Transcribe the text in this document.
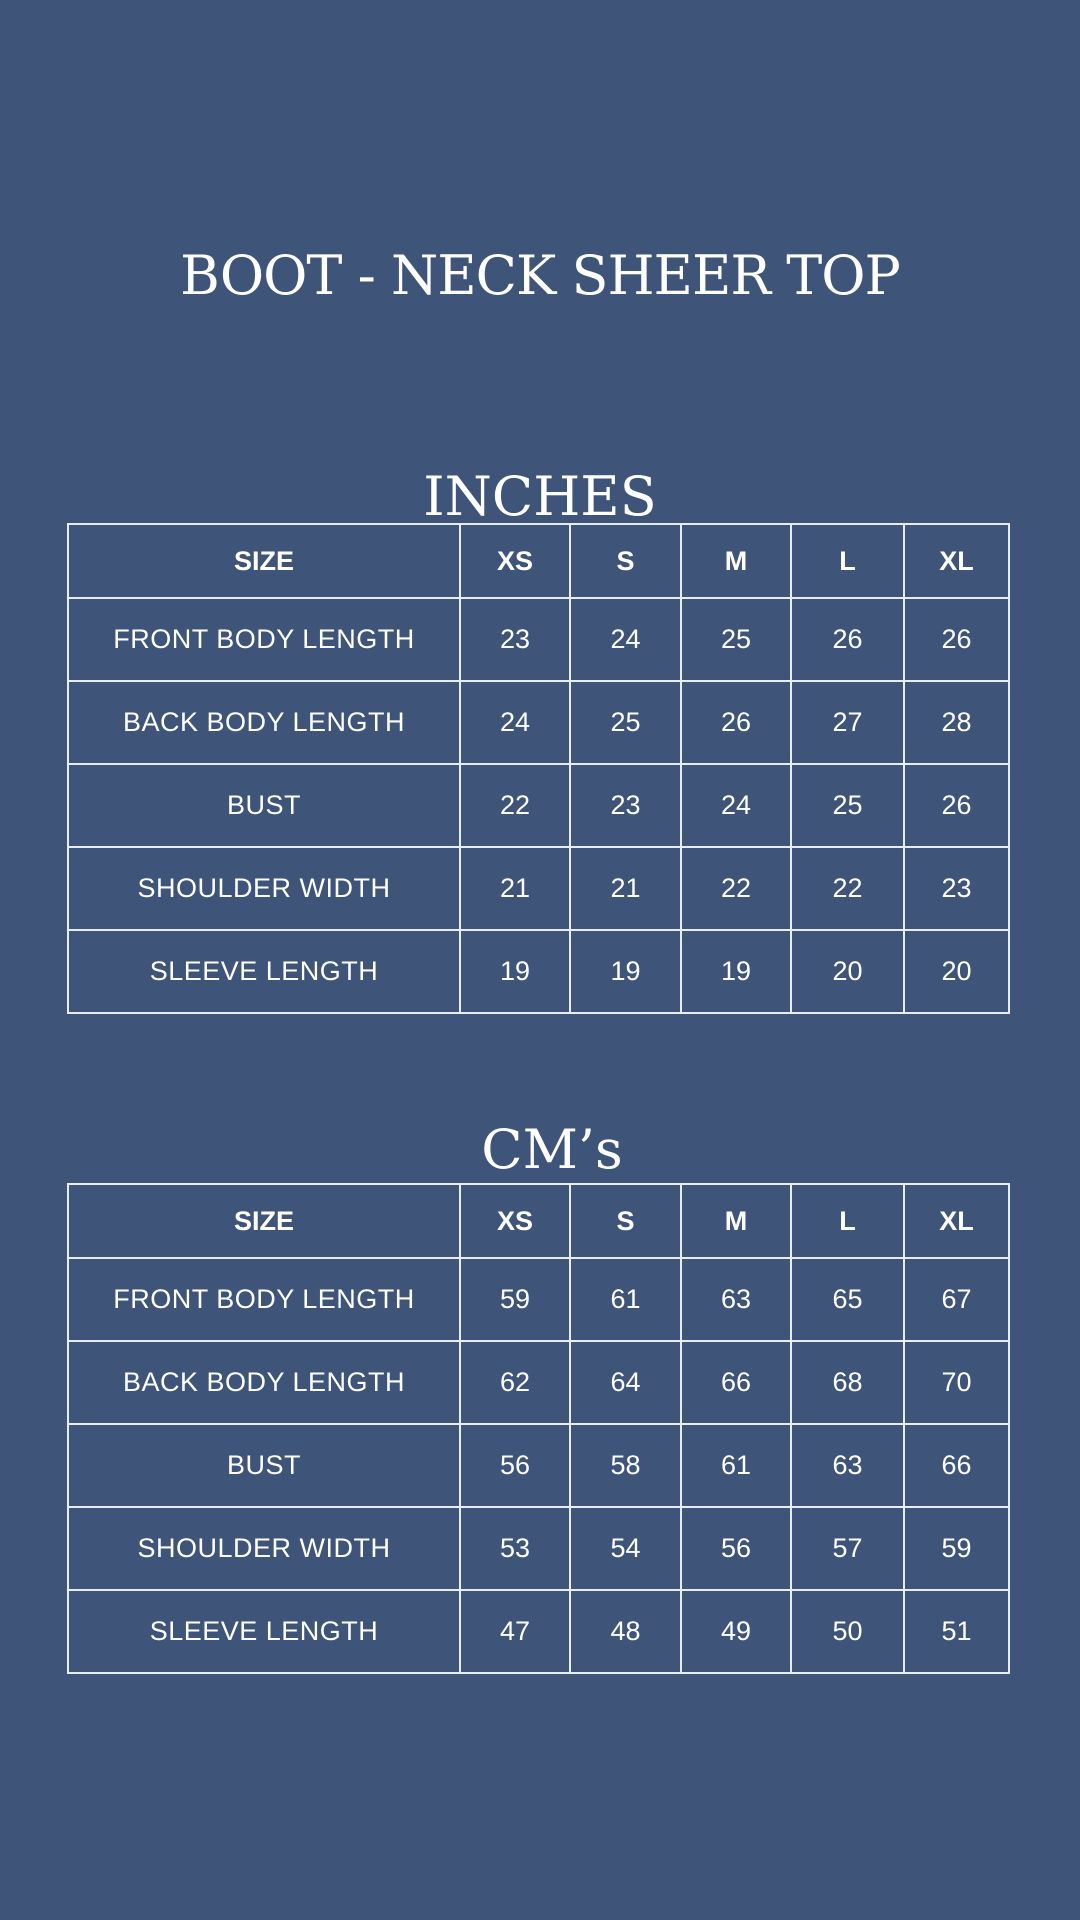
BOOT - NECK SHEER TOP
INCHES
SIZE	XS	S	M	L	XL
FRONT BODY LENGTH	23	24	25	26	26
BACK BODY LENGTH	24	25	26	27	28
BUST	22	23	24	25	26
SHOULDER WIDTH	21	21	22	22	23
SLEEVE LENGTH	19	19	19	20	20
CM’s
SIZE	XS	S	M	L	XL
FRONT BODY LENGTH	59	61	63	65	67
BACK BODY LENGTH	62	64	66	68	70
BUST	56	58	61	63	66
SHOULDER WIDTH	53	54	56	57	59
SLEEVE LENGTH	47	48	49	50	51
